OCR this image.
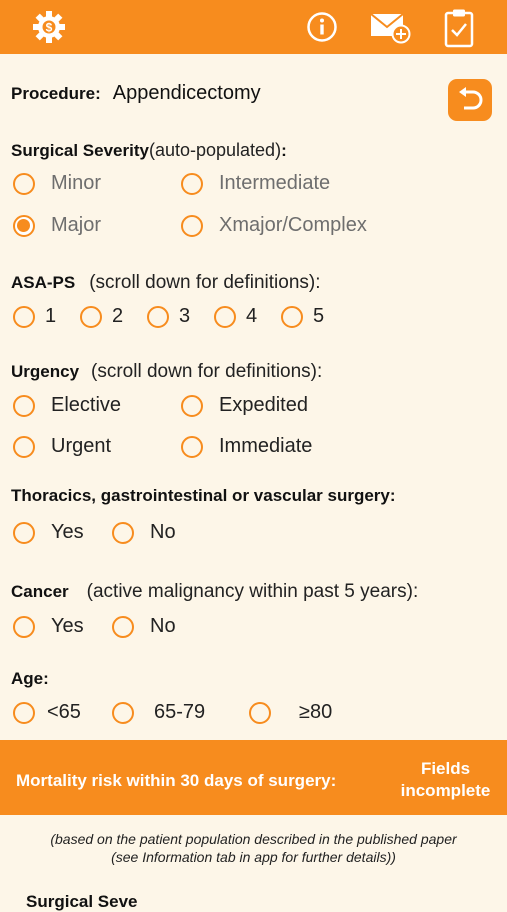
$
Procedure: Appendicectomy
Surgical Severity (auto-populated) :
Minor	Intermediate
Major	Xmajor/Complex
ASA-PS (scroll down for definitions):
1	2	3	4	5
Urgency (scroll down for definitions):
Elective	Expedited
Urgent	Immediate
Thoracics, gastrointestinal or vascular surgery:
Yes	No
Cancer (active malignancy within past 5 years):
Yes	No
Age:
<65	65-79	≥80
Mortality risk within 30 days of surgery:
Fields
incomplete
(based on the patient population described in the published paper
(see Information tab in app for further details))
Surgical Seve
